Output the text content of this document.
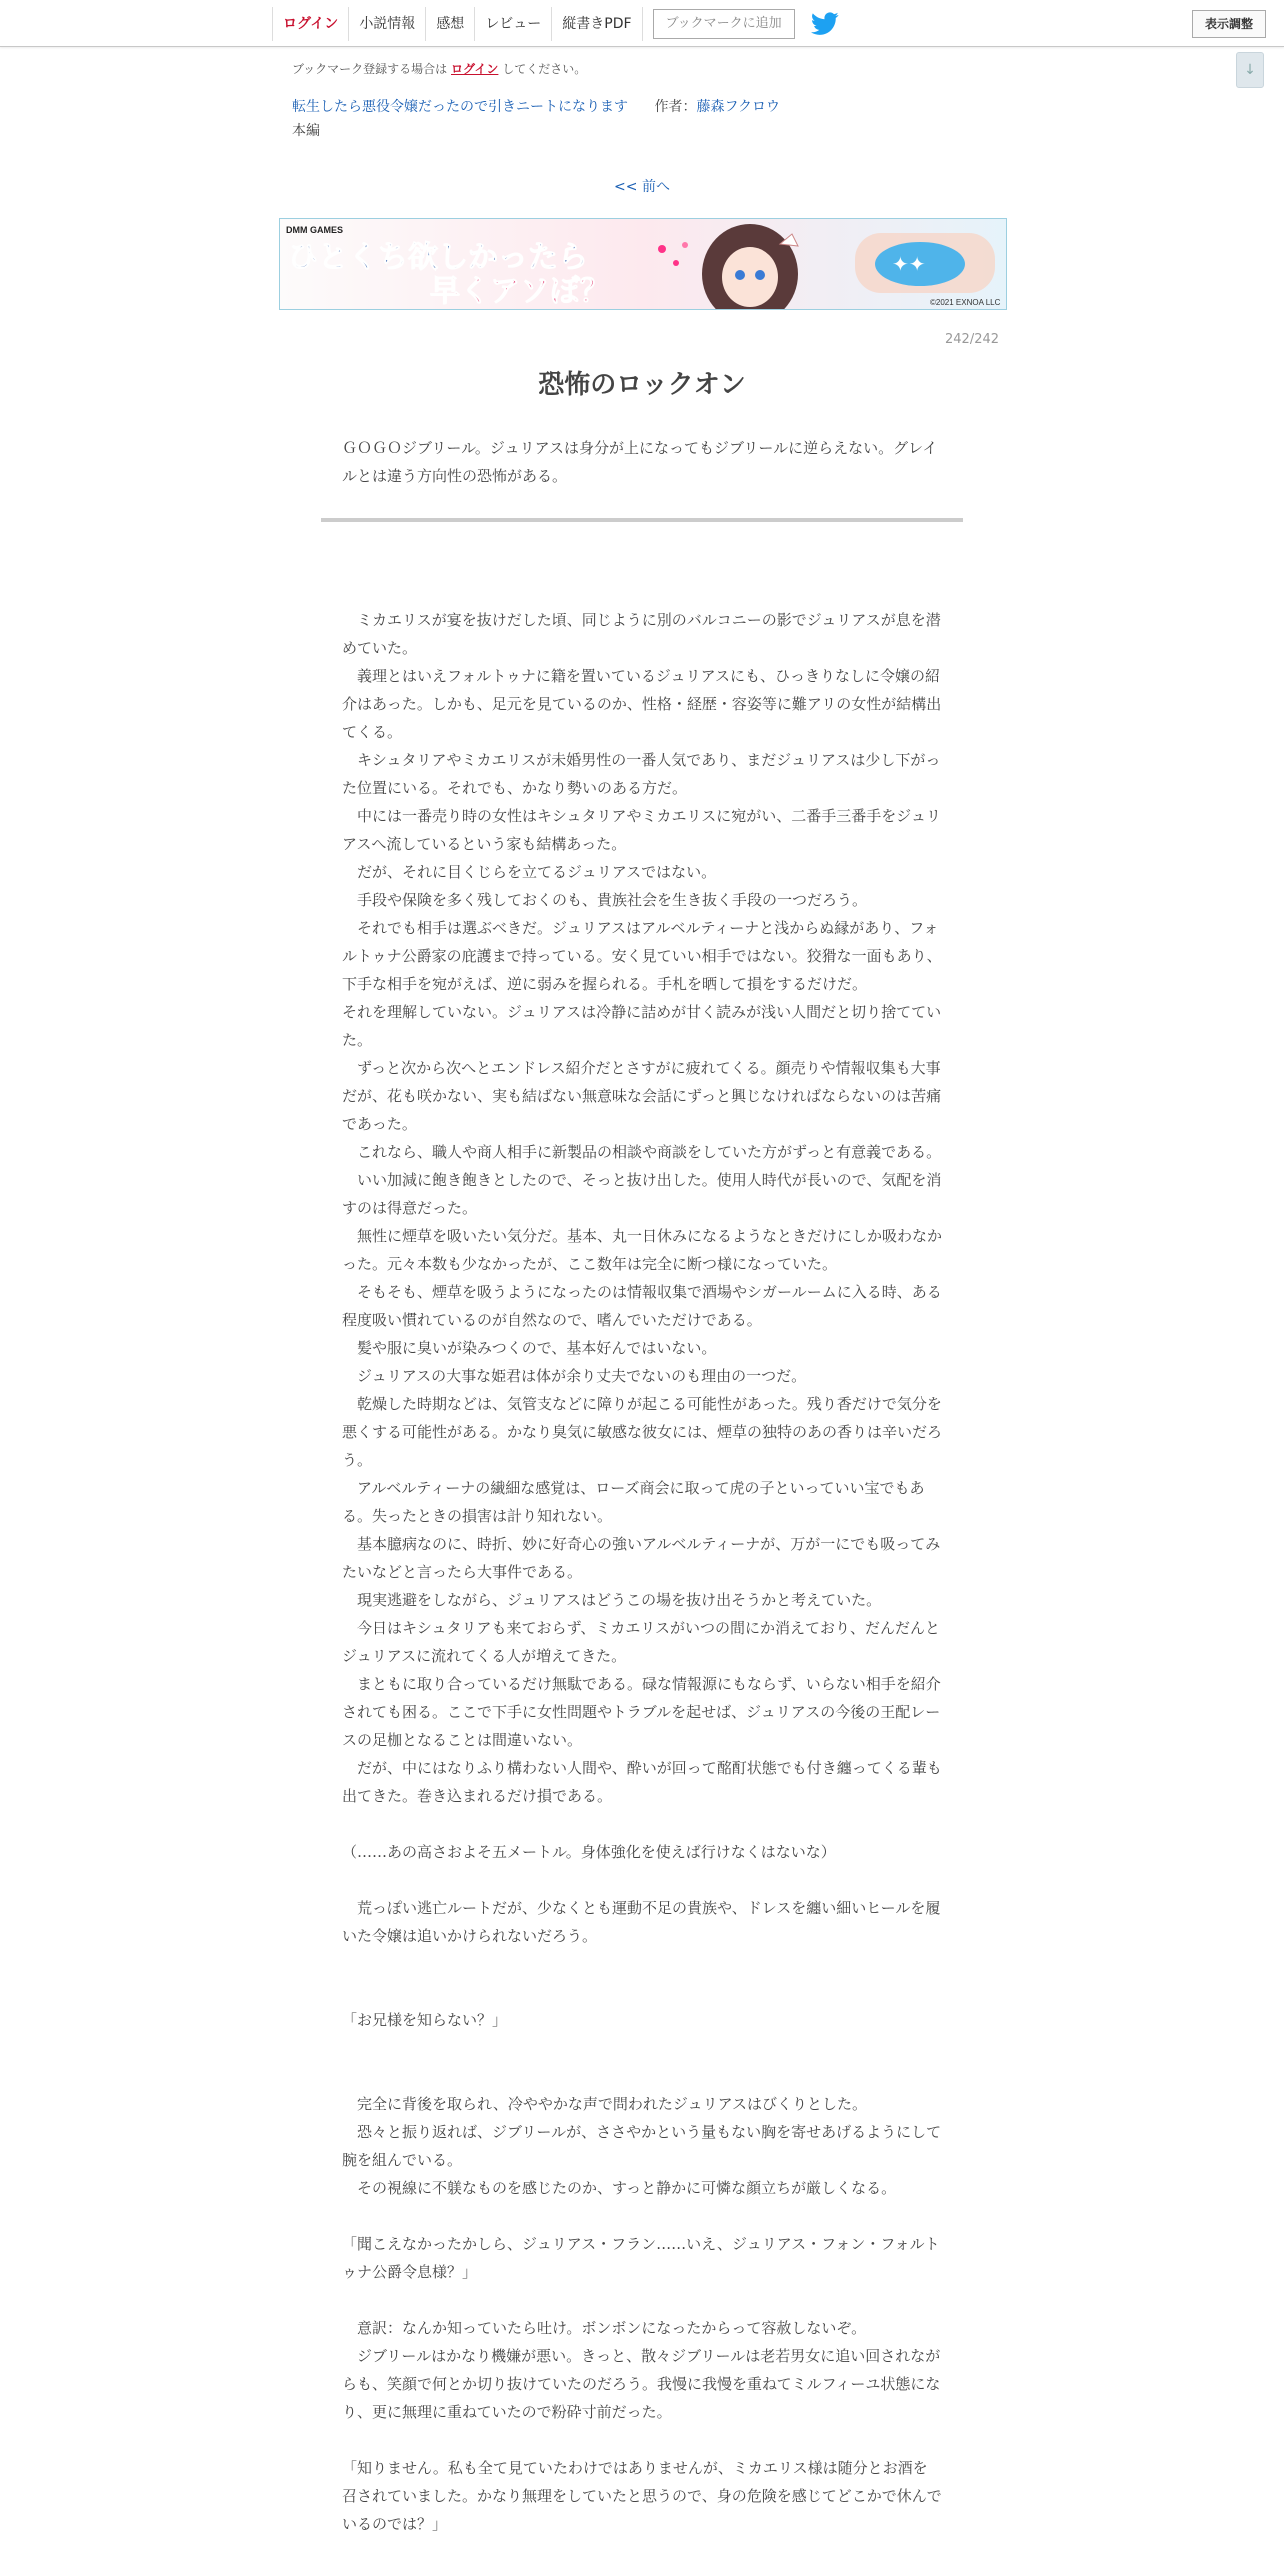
ログイン	小説情報	感想	レビュー	縦書きPDF	ブックマークに追加	表示調整
↓
ブックマーク登録する場合は ログイン してください。
転生したら悪役令嬢だったので引きニートになります 作者：藤森フクロウ
本編
<< 前へ
DMM GAMES
ひとくち欲しかったら
早くアソぼ？
✦✦
©2021 EXNOA LLC
242/242
恐怖のロックオン
ＧＯＧＯジブリール。ジュリアスは身分が上になってもジブリールに逆らえない。グレイルとは違う方向性の恐怖がある。

　ミカエリスが宴を抜けだした頃、同じように別のバルコニーの影でジュリアスが息を潜めていた。

　義理とはいえフォルトゥナに籍を置いているジュリアスにも、ひっきりなしに令嬢の紹介はあった。しかも、足元を見ているのか、性格・経歴・容姿等に難アリの女性が結構出てくる。

　キシュタリアやミカエリスが未婚男性の一番人気であり、まだジュリアスは少し下がった位置にいる。それでも、かなり勢いのある方だ。

　中には一番売り時の女性はキシュタリアやミカエリスに宛がい、二番手三番手をジュリアスへ流しているという家も結構あった。

　だが、それに目くじらを立てるジュリアスではない。

　手段や保険を多く残しておくのも、貴族社会を生き抜く手段の一つだろう。

　それでも相手は選ぶべきだ。ジュリアスはアルベルティーナと浅からぬ縁があり、フォルトゥナ公爵家の庇護まで持っている。安く見ていい相手ではない。狡猾な一面もあり、下手な相手を宛がえば、逆に弱みを握られる。手札を晒して損をするだけだ。

それを理解していない。ジュリアスは冷静に詰めが甘く読みが浅い人間だと切り捨てていた。

　ずっと次から次へとエンドレス紹介だとさすがに疲れてくる。顔売りや情報収集も大事だが、花も咲かない、実も結ばない無意味な会話にずっと興じなければならないのは苦痛であった。

　これなら、職人や商人相手に新製品の相談や商談をしていた方がずっと有意義である。

　いい加減に飽き飽きとしたので、そっと抜け出した。使用人時代が長いので、気配を消すのは得意だった。

　無性に煙草を吸いたい気分だ。基本、丸一日休みになるようなときだけにしか吸わなかった。元々本数も少なかったが、ここ数年は完全に断つ様になっていた。

　そもそも、煙草を吸うようになったのは情報収集で酒場やシガールームに入る時、ある程度吸い慣れているのが自然なので、嗜んでいただけである。

　髪や服に臭いが染みつくので、基本好んではいない。

　ジュリアスの大事な姫君は体が余り丈夫でないのも理由の一つだ。

　乾燥した時期などは、気管支などに障りが起こる可能性があった。残り香だけで気分を悪くする可能性がある。かなり臭気に敏感な彼女には、煙草の独特のあの香りは辛いだろう。

　アルベルティーナの繊細な感覚は、ローズ商会に取って虎の子といっていい宝でもある。失ったときの損害は計り知れない。

　基本臆病なのに、時折、妙に好奇心の強いアルベルティーナが、万が一にでも吸ってみたいなどと言ったら大事件である。

　現実逃避をしながら、ジュリアスはどうこの場を抜け出そうかと考えていた。

　今日はキシュタリアも来ておらず、ミカエリスがいつの間にか消えており、だんだんとジュリアスに流れてくる人が増えてきた。

　まともに取り合っているだけ無駄である。碌な情報源にもならず、いらない相手を紹介されても困る。ここで下手に女性問題やトラブルを起せば、ジュリアスの今後の王配レースの足枷となることは間違いない。

　だが、中にはなりふり構わない人間や、酔いが回って酩酊状態でも付き纏ってくる輩も出てきた。巻き込まれるだけ損である。

（……あの高さおよそ五メートル。身体強化を使えば行けなくはないな）

　荒っぽい逃亡ルートだが、少なくとも運動不足の貴族や、ドレスを纏い細いヒールを履いた令嬢は追いかけられないだろう。

「お兄様を知らない？」

　完全に背後を取られ、冷ややかな声で問われたジュリアスはびくりとした。

　恐々と振り返れば、ジブリールが、ささやかという量もない胸を寄せあげるようにして腕を組んでいる。

　その視線に不躾なものを感じたのか、すっと静かに可憐な顔立ちが厳しくなる。

「聞こえなかったかしら、ジュリアス・フラン……いえ、ジュリアス・フォン・フォルトゥナ公爵令息様？」

　意訳：なんか知っていたら吐け。ボンボンになったからって容赦しないぞ。

　ジブリールはかなり機嫌が悪い。きっと、散々ジブリールは老若男女に追い回されながらも、笑顔で何とか切り抜けていたのだろう。我慢に我慢を重ねてミルフィーユ状態になり、更に無理に重ねていたので粉砕寸前だった。

「知りません。私も全て見ていたわけではありませんが、ミカエリス様は随分とお酒を召されていました。かなり無理をしていたと思うので、身の危険を感じてどこかで休んでいるのでは？」
